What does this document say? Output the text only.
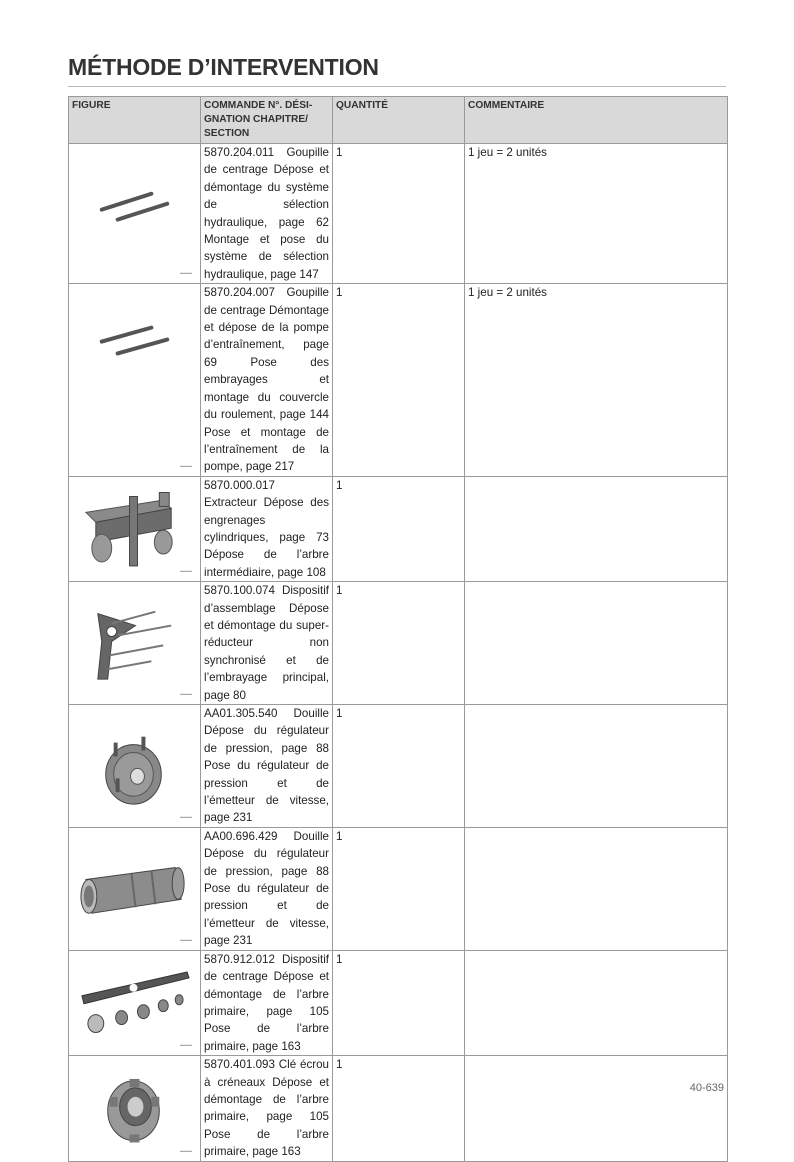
MÉTHODE D’INTERVENTION
FIGURE	COMMANDE N°. DÉSI-GNATION CHAPITRE/ SECTION	QUANTITÉ	COMMENTAIRE

▬▬▬	5870.204.011 Goupille de centrage Dépose et démontage du système de sélection hydraulique, page 62 Montage et pose du système de sélection hydraulique, page 147	1	1 jeu = 2 unités

▬▬▬	5870.204.007 Goupille de centrage Démontage et dépose de la pompe d’entraînement, page 69 Pose des embrayages et montage du couvercle du roulement, page 144 Pose et montage de l’entraînement de la pompe, page 217	1	1 jeu = 2 unités

▬▬▬	5870.000.017 Extracteur Dépose des engrenages cylindriques, page 73 Dépose de l’arbre intermédiaire, page 108	1	

▬▬▬	5870.100.074 Dispositif d’assemblage Dépose et démontage du super-réducteur non synchronisé et de l’embrayage principal, page 80	1	

▬▬▬	AA01.305.540 Douille Dépose du régulateur de pression, page 88 Pose du régulateur de pression et de l’émetteur de vitesse, page 231	1	

▬▬▬	AA00.696.429 Douille Dépose du régulateur de pression, page 88 Pose du régulateur de pression et de l’émetteur de vitesse, page 231	1	

▬▬▬	5870.912.012 Dispositif de centrage Dépose et démontage de l’arbre primaire, page 105 Pose de l’arbre primaire, page 163	1	

▬▬▬	5870.401.093 Clé écrou à créneaux Dépose et démontage de l’arbre primaire, page 105 Pose de l’arbre primaire, page 163	1	
40-639
